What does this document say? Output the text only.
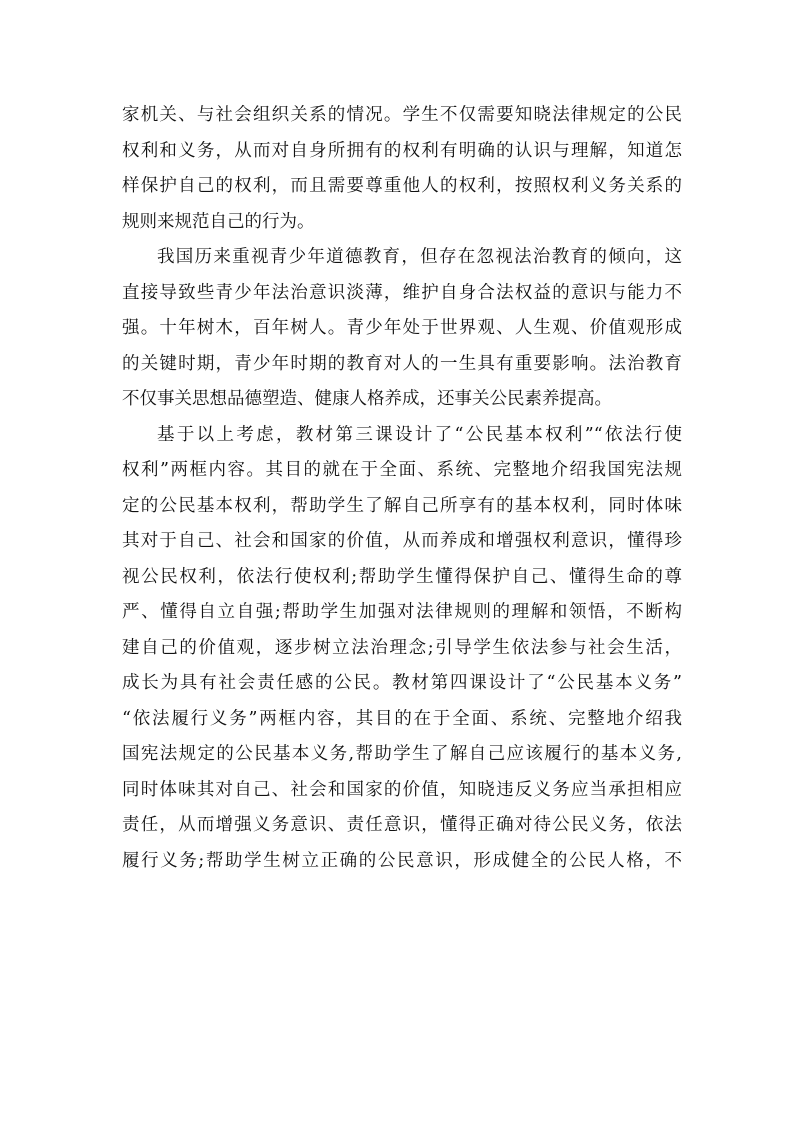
家机关、与社会组织关系的情况。学生不仅需要知晓法律规定的公民
权利和义务，从而对自身所拥有的权利有明确的认识与理解，知道怎
样保护自己的权利，而且需要尊重他人的权利，按照权利义务关系的
规则来规范自己的行为。

我国历来重视青少年道德教育，但存在忽视法治教育的倾向，这
直接导致些青少年法治意识淡薄，维护自身合法权益的意识与能力不
强。十年树木，百年树人。青少年处于世界观、人生观、价值观形成
的关键时期，青少年时期的教育对人的一生具有重要影响。法治教育
不仅事关思想品德塑造、健康人格养成，还事关公民素养提高。

基于以上考虑，教材第三课设计了“公民基本权利”“依法行使
权利”两框内容。其目的就在于全面、系统、完整地介绍我国宪法规
定的公民基本权利，帮助学生了解自己所享有的基本权利，同时体味
其对于自己、社会和国家的价值，从而养成和增强权利意识，懂得珍
视公民权利，依法行使权利;帮助学生懂得保护自己、懂得生命的尊
严、懂得自立自强;帮助学生加强对法律规则的理解和领悟，不断构
建自己的价值观，逐步树立法治理念;引导学生依法参与社会生活，
成长为具有社会责任感的公民。教材第四课设计了“公民基本义务”
“依法履行义务”两框内容，其目的在于全面、系统、完整地介绍我
国宪法规定的公民基本义务,帮助学生了解自己应该履行的基本义务,
同时体味其对自己、社会和国家的价值，知晓违反义务应当承担相应
责任，从而增强义务意识、责任意识，懂得正确对待公民义务，依法
履行义务;帮助学生树立正确的公民意识，形成健全的公民人格，不
